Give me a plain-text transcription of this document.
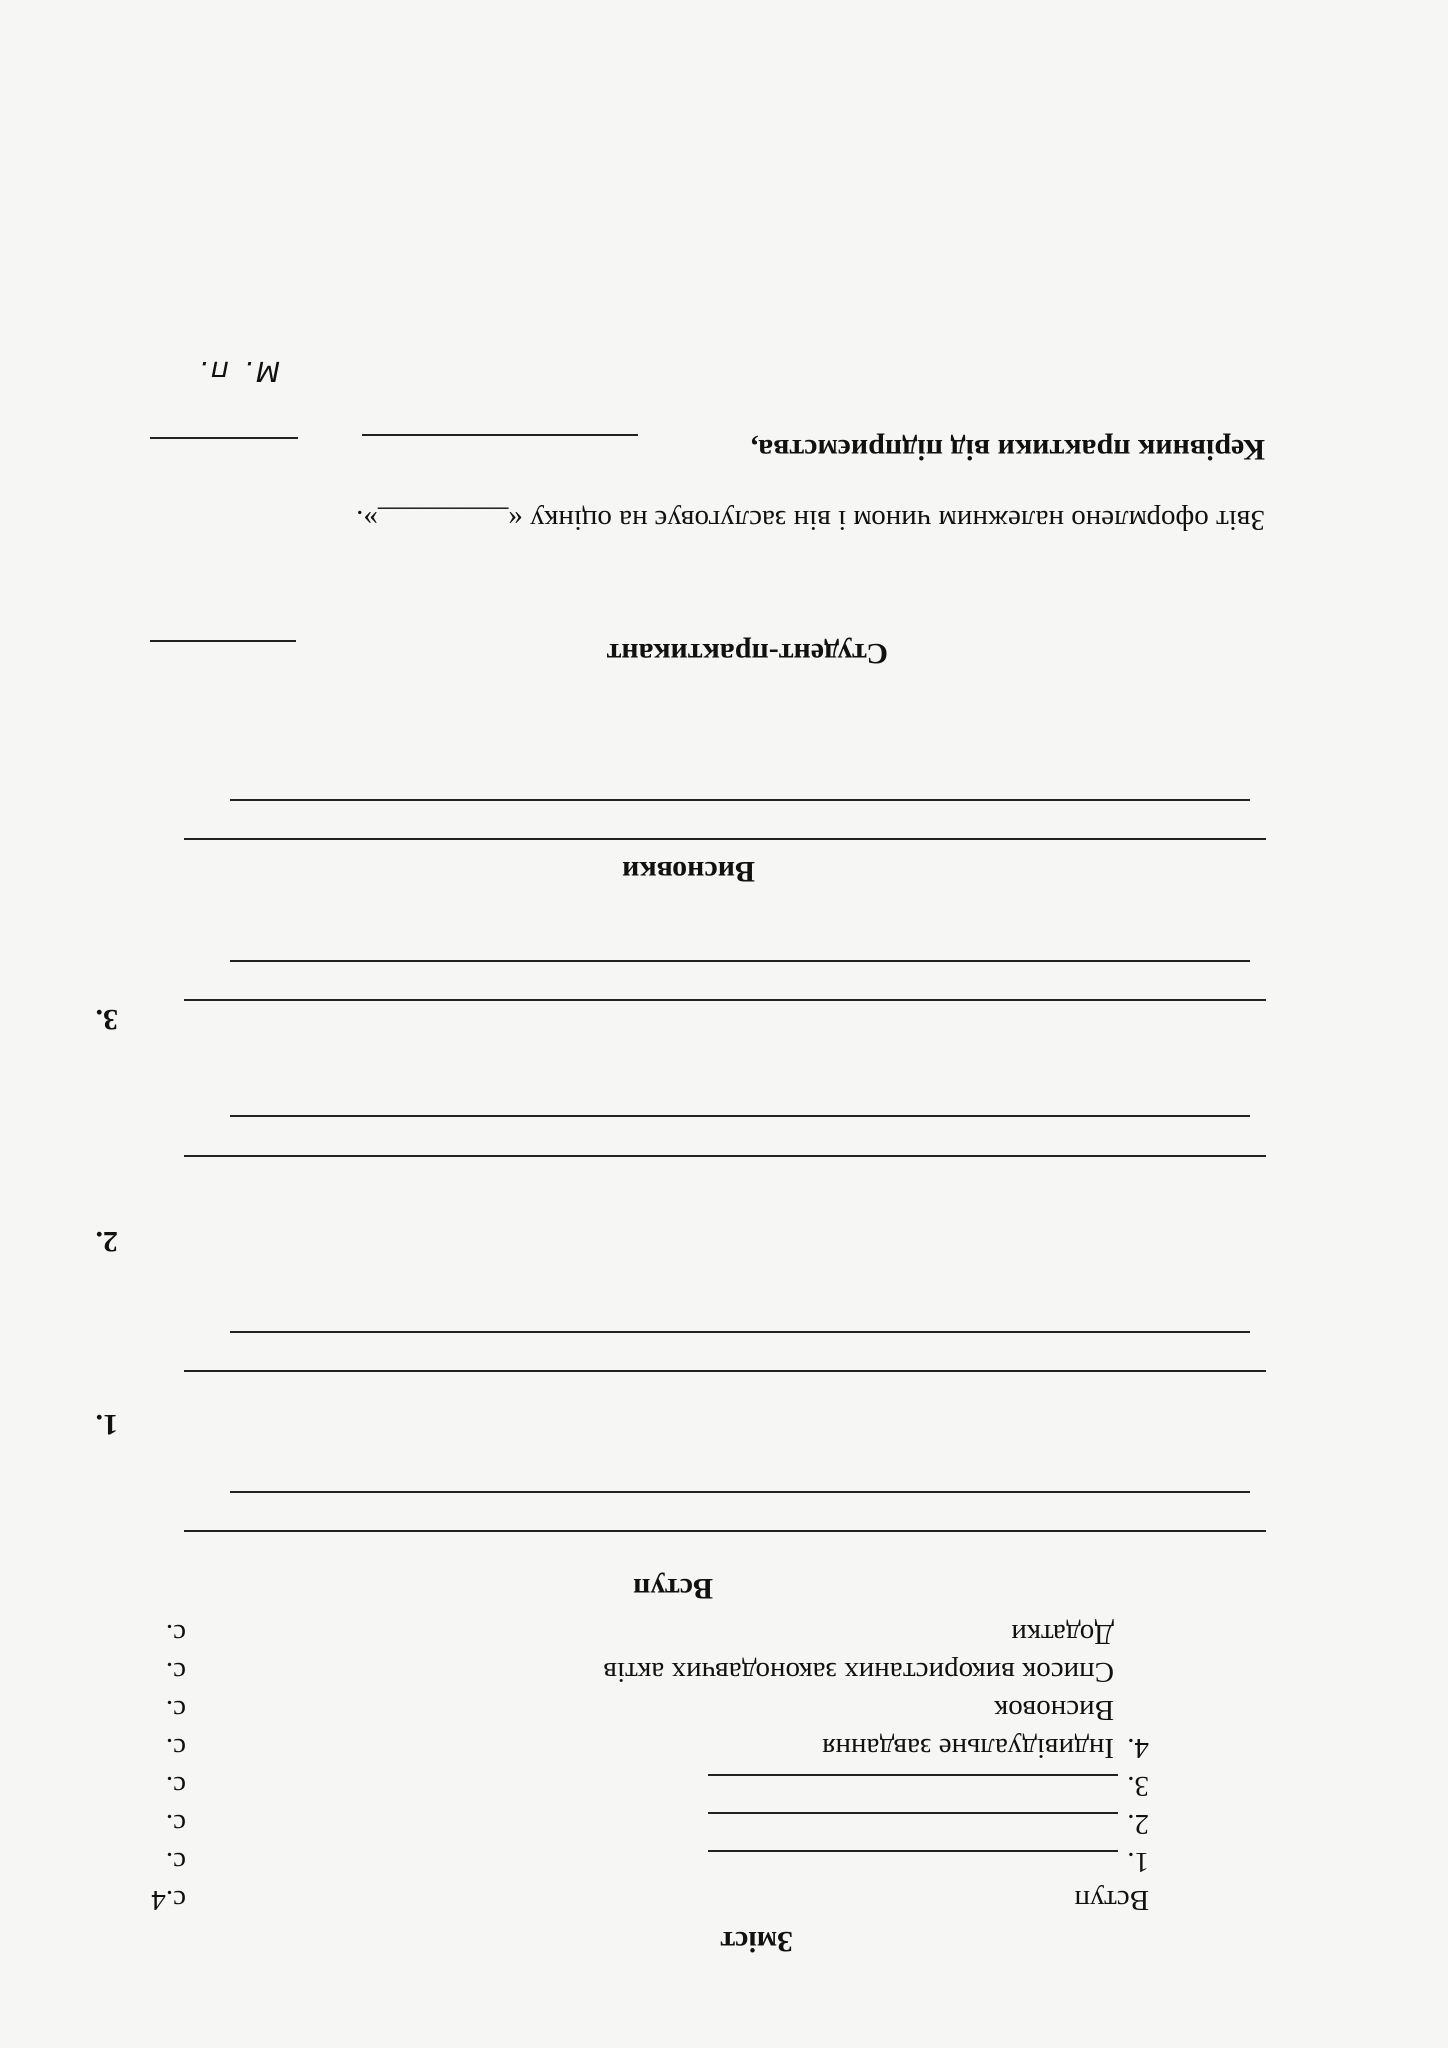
Зміст
Вступ
с.4
1.
с.
2.
с.
3.
с.
4.
Індивідуальне завдання
с.
Висновок
с.
Список використаних законодавчих актів
с.
Додатки
с.
Вступ
1.
2.
3.
Висновки
Студент-практикант
Звіт оформлено належним чином і він заслуговує на оцінку «_________».
Керівник практики від підприємства,
М. п.
